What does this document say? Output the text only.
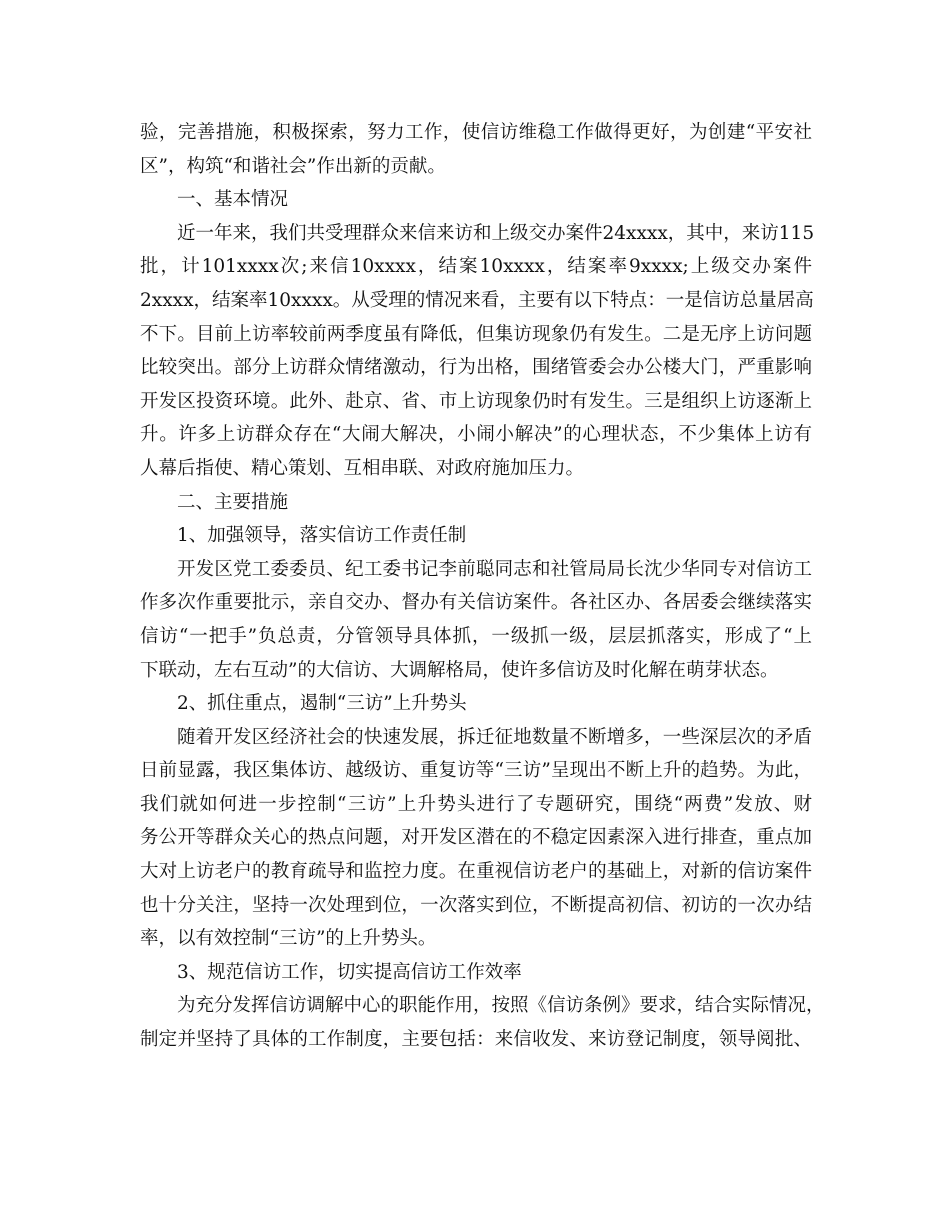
验，完善措施，积极探索，努力工作，使信访维稳工作做得更好，为创建“平安社
区”，构筑“和谐社会”作出新的贡献。
一、基本情况
近一年来，我们共受理群众来信来访和上级交办案件24xxxx，其中，来访115
批，计101xxxx次;来信10xxxx，结案10xxxx，结案率9xxxx;上级交办案件
2xxxx，结案率10xxxx。从受理的情况来看，主要有以下特点：一是信访总量居高
不下。目前上访率较前两季度虽有降低，但集访现象仍有发生。二是无序上访问题
比较突出。部分上访群众情绪激动，行为出格，围绪管委会办公楼大门，严重影响
开发区投资环境。此外、赴京、省、市上访现象仍时有发生。三是组织上访逐渐上
升。许多上访群众存在“大闹大解决，小闹小解决”的心理状态，不少集体上访有
人幕后指使、精心策划、互相串联、对政府施加压力。
二、主要措施
1、加强领导，落实信访工作责任制
开发区党工委委员、纪工委书记李前聪同志和社管局局长沈少华同专对信访工
作多次作重要批示，亲自交办、督办有关信访案件。各社区办、各居委会继续落实
信访“一把手”负总责，分管领导具体抓，一级抓一级，层层抓落实，形成了“上
下联动，左右互动”的大信访、大调解格局，使许多信访及时化解在萌芽状态。
2、抓住重点，遏制“三访”上升势头
随着开发区经济社会的快速发展，拆迁征地数量不断增多，一些深层次的矛盾
日前显露，我区集体访、越级访、重复访等“三访”呈现出不断上升的趋势。为此，
我们就如何进一步控制“三访”上升势头进行了专题研究，围绕“两费”发放、财
务公开等群众关心的热点问题，对开发区潜在的不稳定因素深入进行排查，重点加
大对上访老户的教育疏导和监控力度。在重视信访老户的基础上，对新的信访案件
也十分关注，坚持一次处理到位，一次落实到位，不断提高初信、初访的一次办结
率，以有效控制“三访”的上升势头。
3、规范信访工作，切实提高信访工作效率
为充分发挥信访调解中心的职能作用，按照《信访条例》要求，结合实际情况，
制定并坚持了具体的工作制度，主要包括：来信收发、来访登记制度，领导阅批、
